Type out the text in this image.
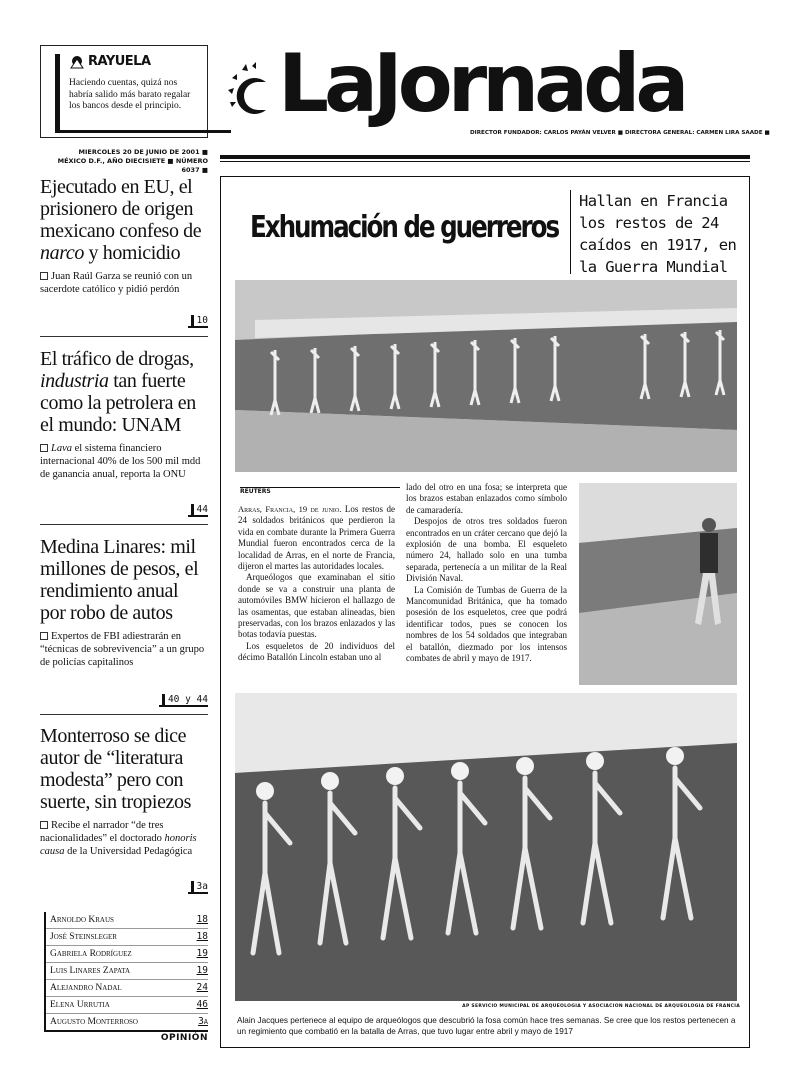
RAYUELA
Haciendo cuentas, quizá nos habría salido más barato regalar los bancos desde el principio. LaJornada
DIRECTOR FUNDADOR: CARLOS PAYÁN VELVER ■ DIRECTORA GENERAL: CARMEN LIRA SAADE ■
MIERCOLES 20 DE JUNIO DE 2001 ■
MÉXICO D.F., AÑO DIECISIETE ■ NÚMERO 6037 ■
Ejecutado en EU, el prisionero de origen mexicano confeso de narco y homicidio

Juan Raúl Garza se reunió con un sacerdote católico y pidió perdón

10
El tráfico de drogas, industria tan fuerte como la petrolera en el mundo: UNAM

Lava el sistema financiero internacional 40% de los 500 mil mdd de ganancia anual, reporta la ONU

44
Medina Linares: mil millones de pesos, el rendimiento anual por robo de autos

Expertos de FBI adiestrarán en “técnicas de sobrevivencia” a un grupo de policías capitalinos

40 y 44
Monterroso se dice autor de “literatura modesta” pero con suerte, sin tropiezos

Recibe el narrador “de tres nacionalidades” el doctorado honoris causa de la Universidad Pedagógica

3a
Arnoldo Kraus	18
José Steinsleger	18
Gabriela Rodríguez	19
Luis Linares Zapata	19
Alejandro Nadal	24
Elena Urrutia	46
Augusto Monterroso	3a
OPINIÓN
Exhumación de guerreros
Hallan en Francia los restos de 24 caídos en 1917, en la Guerra Mundial
REUTERS

Arras, Francia, 19 de junio. Los restos de 24 soldados británicos que perdieron la vida en combate durante la Primera Guerra Mundial fueron encontrados cerca de la localidad de Arras, en el norte de Francia, dijeron el martes las autoridades locales.

Arqueólogos que examinaban el sitio donde se va a construir una planta de automóviles BMW hicieron el hallazgo de las osamentas, que estaban alineadas, bien preservadas, con los brazos enlazados y las botas todavía puestas.

Los esqueletos de 20 individuos del décimo Batallón Lincoln estaban uno al

lado del otro en una fosa; se interpreta que los brazos estaban enlazados como símbolo de camaradería.

Despojos de otros tres soldados fueron encontrados en un cráter cercano que dejó la explosión de una bomba. El esqueleto número 24, hallado solo en una tumba separada, pertenecía a un militar de la Real División Naval.

La Comisión de Tumbas de Guerra de la Mancomunidad Británica, que ha tomado posesión de los esqueletos, cree que podrá identificar todos, pues se conocen los nombres de los 54 soldados que integraban el batallón, diezmado por los intensos combates de abril y mayo de 1917.

AP SERVICIO MUNICIPAL DE ARQUEOLOGIA Y ASOCIACION NACIONAL DE ARQUEOLOGIA DE FRANCIA
Alain Jacques pertenece al equipo de arqueólogos que descubrió la fosa común hace tres semanas. Se cree que los restos pertenecen a un regimiento que combatió en la batalla de Arras, que tuvo lugar entre abril y mayo de 1917
